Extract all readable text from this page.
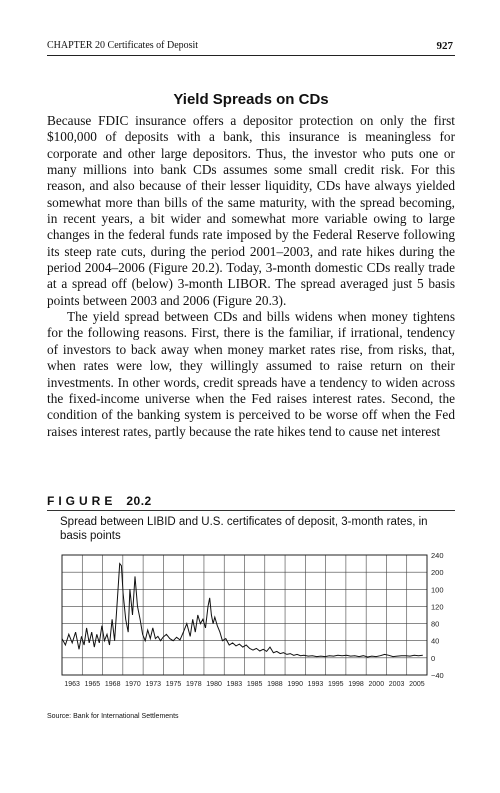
CHAPTER 20 Certificates of Deposit	927
Yield Spreads on CDs

Because FDIC insurance offers a depositor protection on only the first $100,000 of deposits with a bank, this insurance is meaningless for corporate and other large depositors. Thus, the investor who puts one or many millions into bank CDs assumes some small credit risk. For this reason, and also because of their lesser liquidity, CDs have always yielded somewhat more than bills of the same maturity, with the spread becoming, in recent years, a bit wider and somewhat more variable owing to large changes in the federal funds rate imposed by the Federal Reserve following its steep rate cuts, during the period 2001–2003, and rate hikes during the period 2004–2006 (Figure 20.2). Today, 3-month domestic CDs really trade at a spread off (below) 3-month LIBOR. The spread averaged just 5 basis points between 2003 and 2006 (Figure 20.3).

The yield spread between CDs and bills widens when money tightens for the following reasons. First, there is the familiar, if irrational, tendency of investors to back away when money market rates rise, from risks, that, when rates were low, they willingly assumed to raise return on their investments. In other words, credit spreads have a tendency to widen across the fixed-income universe when the Fed raises interest rates. Second, the condition of the banking system is perceived to be worse off when the Fed raises interest rates, partly because the rate hikes tend to cause net interest

FIGURE 20.2
Spread between LIBID and U.S. certificates of deposit, 3-month rates, in basis points
240
200
100
120
80
40
0
−40
1963 1965 1968 1970 1973 1975 1978 1980 1983 1985 1988 1990 1993 1995 1998 2000 2003 2005
Source: Bank for International Settlements
